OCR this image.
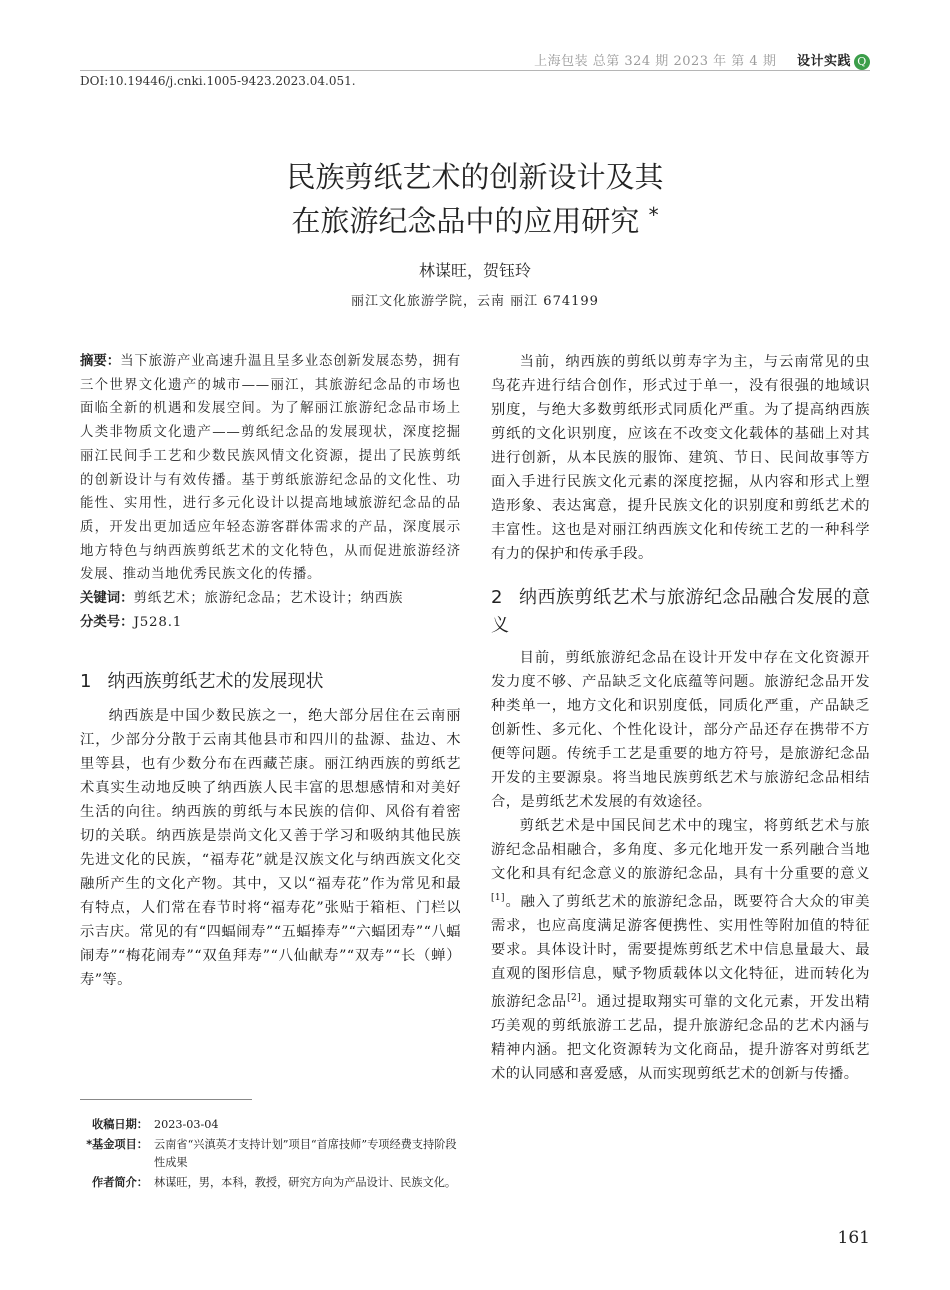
上海包装 总第 324 期 2023 年 第 4 期 设计实践 Q
DOI:10.19446/j.cnki.1005-9423.2023.04.051.
民族剪纸艺术的创新设计及其
在旅游纪念品中的应用研究 *
林谋旺，贺钰玲
丽江文化旅游学院，云南 丽江 674199

摘要：当下旅游产业高速升温且呈多业态创新发展态势，拥有三个世界文化遗产的城市——丽江，其旅游纪念品的市场也面临全新的机遇和发展空间。为了解丽江旅游纪念品市场上人类非物质文化遗产——剪纸纪念品的发展现状，深度挖掘丽江民间手工艺和少数民族风情文化资源，提出了民族剪纸的创新设计与有效传播。基于剪纸旅游纪念品的文化性、功能性、实用性，进行多元化设计以提高地域旅游纪念品的品质，开发出更加适应年轻态游客群体需求的产品，深度展示地方特色与纳西族剪纸艺术的文化特色，从而促进旅游经济发展、推动当地优秀民族文化的传播。

关键词：剪纸艺术；旅游纪念品；艺术设计；纳西族

分类号：J528.1

1 纳西族剪纸艺术的发展现状

纳西族是中国少数民族之一，绝大部分居住在云南丽江，少部分分散于云南其他县市和四川的盐源、盐边、木里等县，也有少数分布在西藏芒康。丽江纳西族的剪纸艺术真实生动地反映了纳西族人民丰富的思想感情和对美好生活的向往。纳西族的剪纸与本民族的信仰、风俗有着密切的关联。纳西族是崇尚文化又善于学习和吸纳其他民族先进文化的民族，“福寿花”就是汉族文化与纳西族文化交融所产生的文化产物。其中，又以“福寿花”作为常见和最有特点，人们常在春节时将“福寿花”张贴于箱柜、门栏以示吉庆。常见的有“四蝠闹寿”“五蝠捧寿”“六蝠团寿”“八蝠闹寿”“梅花闹寿”“双鱼拜寿”“八仙献寿”“双寿”“长（蝉）寿”等。

当前，纳西族的剪纸以剪寿字为主，与云南常见的虫鸟花卉进行结合创作，形式过于单一，没有很强的地域识别度，与绝大多数剪纸形式同质化严重。为了提高纳西族剪纸的文化识别度，应该在不改变文化载体的基础上对其进行创新，从本民族的服饰、建筑、节日、民间故事等方面入手进行民族文化元素的深度挖掘，从内容和形式上塑造形象、表达寓意，提升民族文化的识别度和剪纸艺术的丰富性。这也是对丽江纳西族文化和传统工艺的一种科学有力的保护和传承手段。

2 纳西族剪纸艺术与旅游纪念品融合发展的意义

目前，剪纸旅游纪念品在设计开发中存在文化资源开发力度不够、产品缺乏文化底蕴等问题。旅游纪念品开发种类单一，地方文化和识别度低，同质化严重，产品缺乏创新性、多元化、个性化设计，部分产品还存在携带不方便等问题。传统手工艺是重要的地方符号，是旅游纪念品开发的主要源泉。将当地民族剪纸艺术与旅游纪念品相结合，是剪纸艺术发展的有效途径。

剪纸艺术是中国民间艺术中的瑰宝，将剪纸艺术与旅游纪念品相融合，多角度、多元化地开发一系列融合当地文化和具有纪念意义的旅游纪念品，具有十分重要的意义[1]。融入了剪纸艺术的旅游纪念品，既要符合大众的审美需求，也应高度满足游客便携性、实用性等附加值的特征要求。具体设计时，需要提炼剪纸艺术中信息量最大、最直观的图形信息，赋予物质载体以文化特征，进而转化为旅游纪念品[2]。通过提取翔实可靠的文化元素，开发出精巧美观的剪纸旅游工艺品，提升旅游纪念品的艺术内涵与精神内涵。把文化资源转为文化商品，提升游客对剪纸艺术的认同感和喜爱感，从而实现剪纸艺术的创新与传播。

收稿日期： 2023-03-04
*基金项目： 云南省“兴滇英才支持计划”项目“首席技师”专项经费支持阶段性成果
作者简介： 林谋旺，男，本科，教授，研究方向为产品设计、民族文化。
161
